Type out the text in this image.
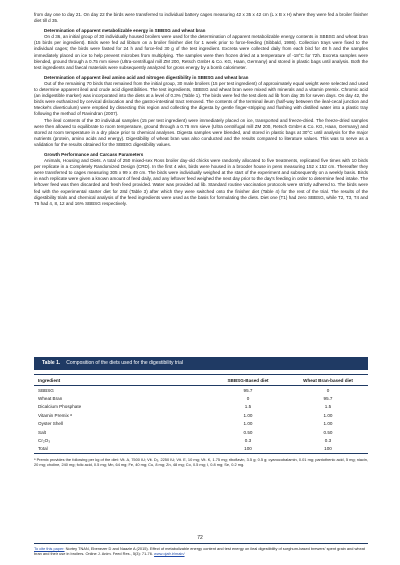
from day one to day 21. On day 22 the birds were transferred to individual battery cages measuring 42 x 35 x 42 cm (L x B x H) where they were fed a broiler finisher diet till d 35.

Determination of apparent metabolizable energy in SBBSG and wheat bran

On d 36, an initial group of 30 individually housed broilers were used for the determination of apparent metabolizable energy contents in SBBSG and wheat bran (15 birds per ingredient). Birds were fed ad libitum on a broiler finisher diet for 1 week prior to force-feeding (Sibbald, 1986). Collection trays were fixed to the individual cages; the birds were fasted for 24 h and force-fed 30 g of the test ingredient. Excreta were collected daily from each bird for 48 h and the samples immediately placed on ice to help prevent microbes from multiplying. The samples were then frozen dried at a temperature of -18°C for 72h. Excreta samples were blended, ground through a 0.75 mm sieve (Ultra-centrifugal mill ZM 200, Retsch GmbH & Co. KG, Haan, Germany) and stored in plastic bags until analysis. Both the test ingredients and faecal materials were subsequently analyzed for gross energy by a bomb calorimeter.

Determination of apparent ileal amino acid and nitrogen digestibility in SBBSG and wheat bran

Out of the remaining 70 birds that remained from the initial group, 30 male broilers (15 per test ingredient) of approximately equal weight were selected and used to determine apparent ileal and crude acid digestibilities. The test ingredients, SBBSG and wheat bran were mixed with minerals and a vitamin premix. Chromic acid (an indigestible marker) was incorporated into the diets at a level of 0.3% (Table 1). The birds were fed the test diets ad lib from day 35 for seven days. On day 42, the birds were euthanized by cervical dislocation and the gastro-intestinal tract removed. The contents of the terminal ileum (half-way between the ileal-cecal junction and Meckel's diverticulum) were emptied by dissecting this region and collecting the digesta by gentle finger-stripping and flushing with distilled water into a plastic tray following the method of Ravindran (2007).

The ileal contents of the 30 individual samples (15 per test ingredient) were immediately placed on ice, transported and freeze-dried. The freeze-dried samples were then allowed to equilibrate to room temperature, ground through a 0.75 mm sieve (Ultra centrifugal mill ZM 200, Retsch GmbH & Co. KG, Haan, Germany) and stored at room temperature in a dry place prior to chemical analyses. Digesta samples were blended, and stored in plastic bags at 30°C until analysis for the major nutrients (protein, amino acids and energy). Digestibility of wheat bran was also conducted and the results compared to literature values. This was to serve as a validation for the results obtained for the SBBSG digestibility values.

Growth Performance and Carcass Parameters

Animals, Housing and Diets. A total of 250 mixed-sex Ross broiler day-old chicks were randomly allocated to five treatments, replicated five times with 10 birds per replicate in a Completely Randomized Design (CRD). In the first 4 wks, birds were housed in a brooder house in pens measuring 152 x 152 cm. Thereafter they were transferred to cages measuring 305 x 99 x 49 cm. The birds were individually weighed at the start of the experiment and subsequently on a weekly basis. Birds in each replicate were given a known amount of feed daily, and any leftover feed weighed the next day prior to the day's feeding in order to determine feed intake. The leftover feed was then discarded and fresh feed provided. Water was provided ad lib. Standard routine vaccination protocols were strictly adhered to. The birds were fed with the experimental starter diet for 28d (Table 3) after which they were switched onto the finisher diet (Table 4) for the rest of the trial. The results of the digestibility trials and chemical analysis of the feed ingredients were used as the basis for formulating the diets. Diet one (T1) had zero SBBSG, while T2, T3, T4 and T5 had 4, 8, 12 and 16% SBBSG respectively.

Table 1. Composition of the diets used for the digestibility trial
Ingredient	SBBSG-Based diet	Wheat Bran-based diet
SBBSG	95.7	0
Wheat Bran	0	95.7
Dicalcium Phosphate	1.5	1.5
Vitamin Premix ᵃ	1.00	1.00
Oyster Shell	1.00	1.00
Salt	0.50	0.50
Cr₂O₃	0.3	0.3
Total	100	100
ᵃ Premix provides the following per kg of the diet: Vit. A, 7500 IU; Vit. D₃, 2250 IU; Vit. E, 10 mg; Vit. K, 1.75 mg; riboflavin, 3.5 g; 0.5 g; cyanocobalamin, 0.01 mg; pantothenic acid, 5 mg; niacin, 20 mg; choline, 240 mg; folic acid, 0.5 mg; Mn, 64 mg; Fe, 40 mg; Cu, 8 mg; Zn, 48 mg; Co, 0.5 mg; I, 0.8 mg; Se, 0.2 mg.
72
To cite this paper: Nortey TNAN, Ebenezer D and Naazie A (2015). Effect of metabolizable energy content and test energy on ileal digestibility of sorghum-based brewers' spent grain and wheat bran and their use in broilers. Online J. Anim. Feed Res., 5(3): 71-76. www.ojafr.ir/main/
